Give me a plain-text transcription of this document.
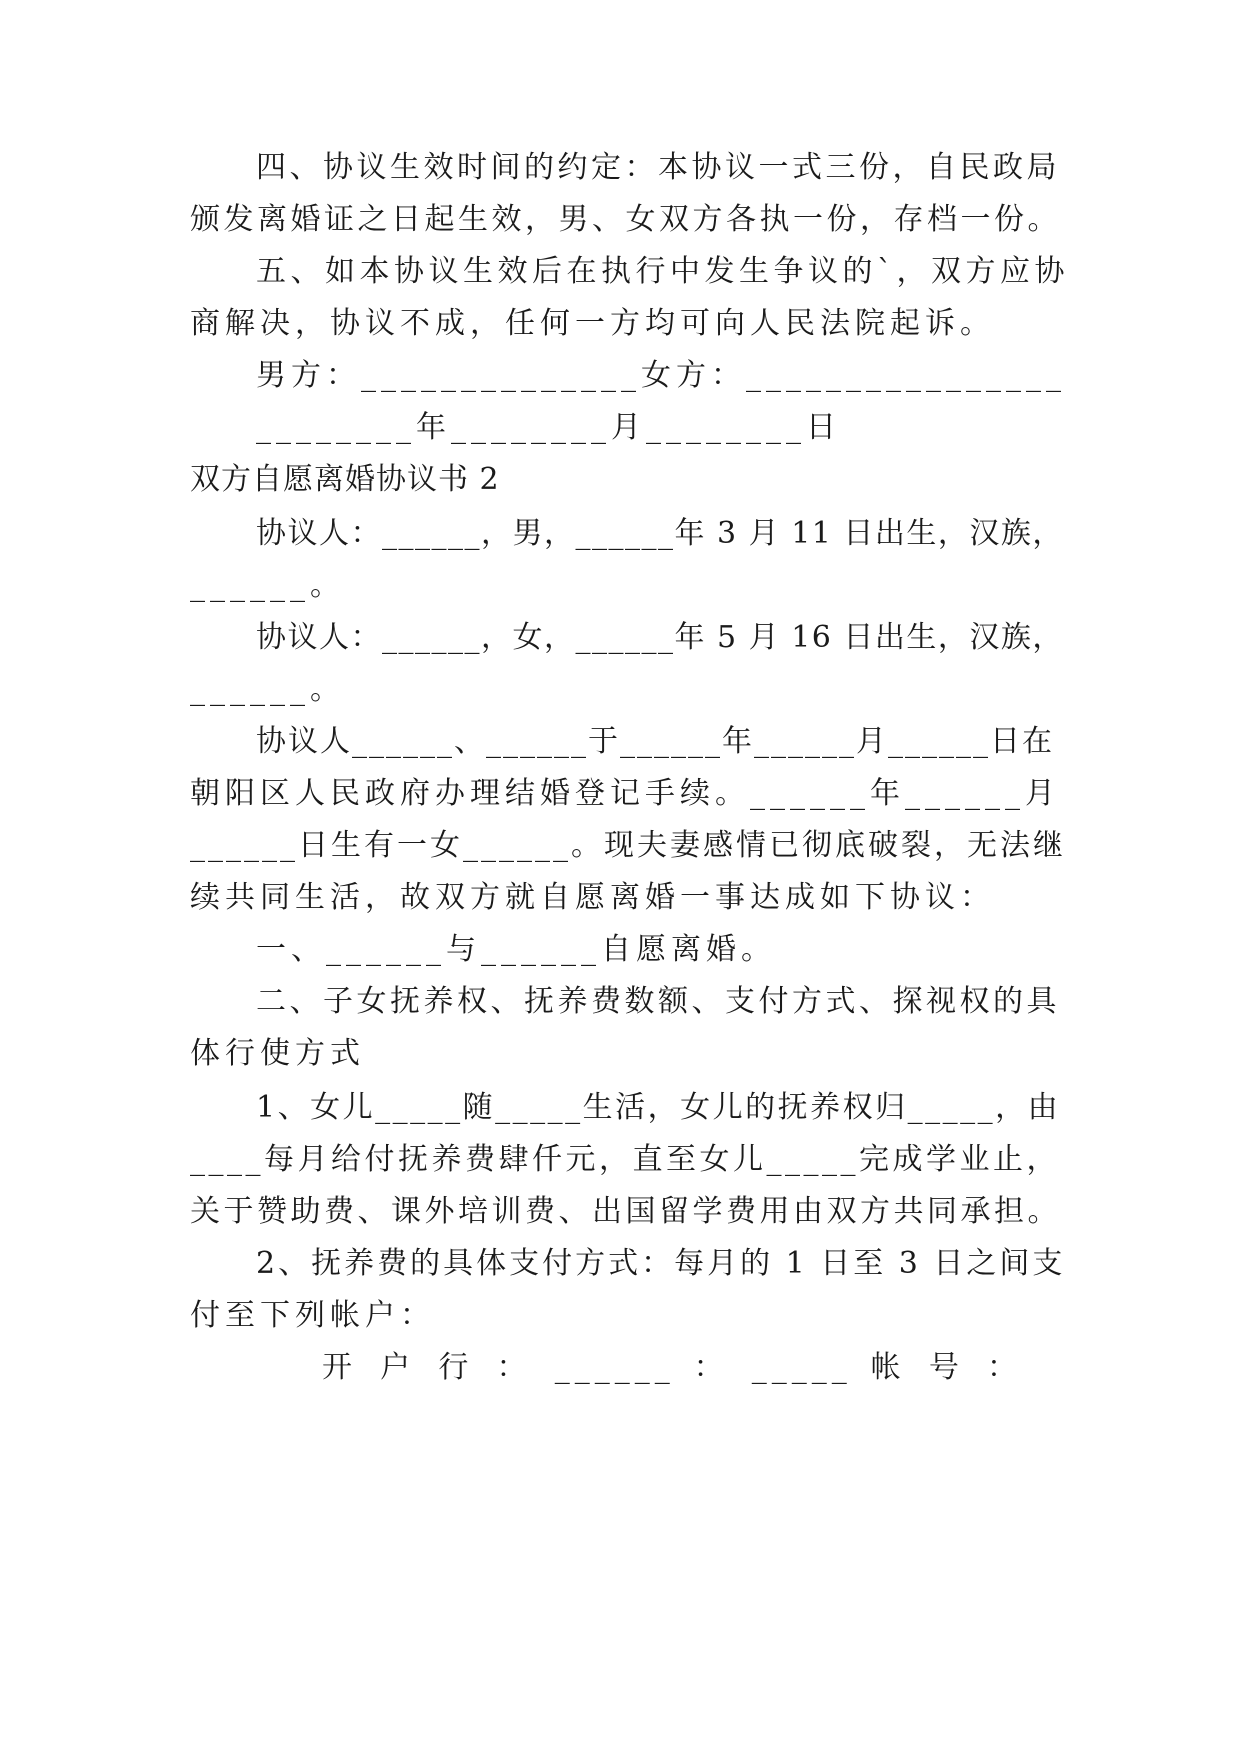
四、协议生效时间的约定：本协议一式三份，自民政局
颁发离婚证之日起生效，男、女双方各执一份，存档一份。
五、如本协议生效后在执行中发生争议的`，双方应协
商解决，协议不成，任何一方均可向人民法院起诉。
男方：______________女方：________________
________年________月________日
双方自愿离婚协议书 2
协议人：______，男，______年 3 月 11 日出生，汉族，
______。
协议人：______，女，______年 5 月 16 日出生，汉族，
______。
协议人______、______于______年______月______日在
朝阳区人民政府办理结婚登记手续。______年______月
______日生有一女______。现夫妻感情已彻底破裂，无法继
续共同生活，故双方就自愿离婚一事达成如下协议：
一、______与______自愿离婚。
二、子女抚养权、抚养费数额、支付方式、探视权的具
体行使方式
1、女儿_____随_____生活，女儿的抚养权归_____，由
____每月给付抚养费肆仟元，直至女儿_____完成学业止，
关于赞助费、课外培训费、出国留学费用由双方共同承担。
2、抚养费的具体支付方式：每月的 1 日至 3 日之间支
付至下列帐户：
开 户 行 ： ______ ： _____ 帐 号 ：
